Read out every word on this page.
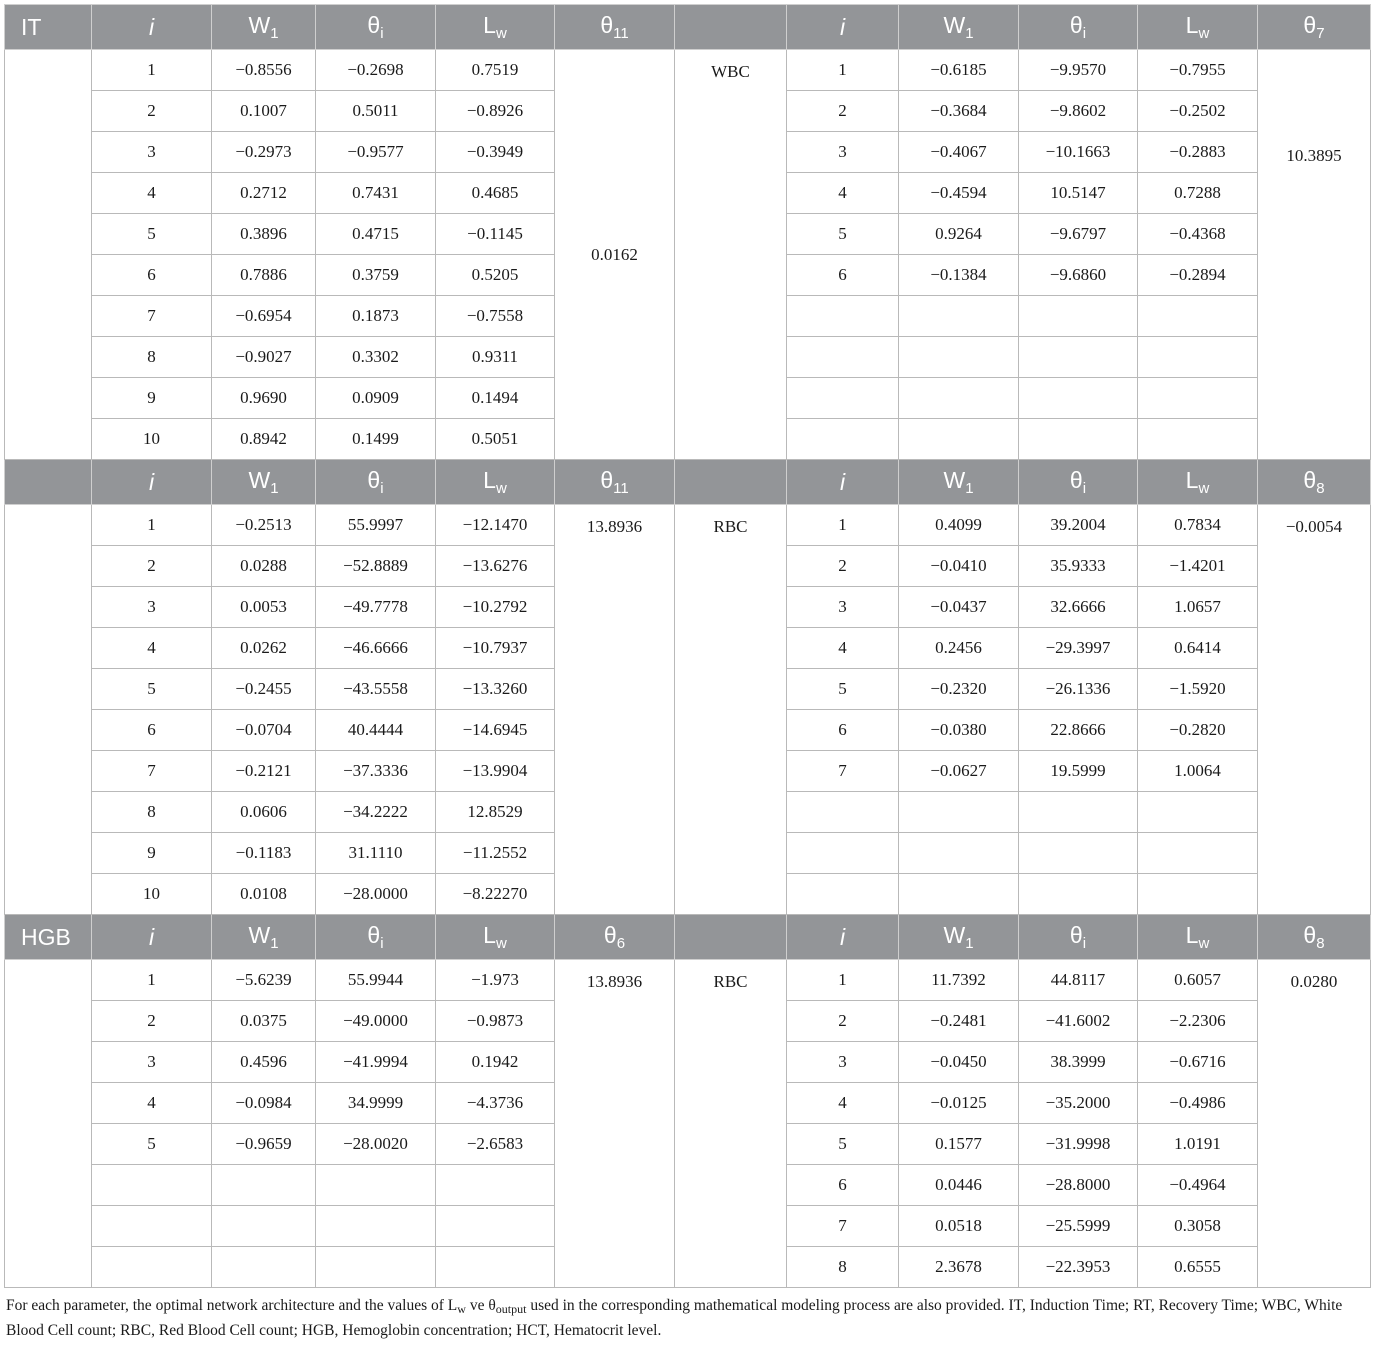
IT	i	$W_1$	$\theta_i$	$L_w$	$\theta_{11}$		i	$W_1$	$\theta_i$	$L_w$	$\theta_7$
	1	−0.8556	−0.2698	0.7519	0.0162	WBC	1	−0.6185	−9.9570	−0.7955	10.3895
	2	0.1007	0.5011	−0.8926			2	−0.3684	−9.8602	−0.2502	
	3	−0.2973	−0.9577	−0.3949			3	−0.4067	−10.1663	−0.2883	
	4	0.2712	0.7431	0.4685			4	−0.4594	10.5147	0.7288	
	5	0.3896	0.4715	−0.1145			5	0.9264	−9.6797	−0.4368	
	6	0.7886	0.3759	0.5205			6	−0.1384	−9.6860	−0.2894	
	7	−0.6954	0.1873	−0.7558							
	8	−0.9027	0.3302	0.9311							
	9	0.9690	0.0909	0.1494							
	10	0.8942	0.1499	0.5051							
	i	$W_1$	$\theta_i$	$L_w$	$\theta_{11}$		i	$W_1$	$\theta_i$	$L_w$	$\theta_8$
	1	−0.2513	55.9997	−12.1470	13.8936	RBC	1	0.4099	39.2004	0.7834	−0.0054
	2	0.0288	−52.8889	−13.6276			2	−0.0410	35.9333	−1.4201	
	3	0.0053	−49.7778	−10.2792			3	−0.0437	32.6666	1.0657	
	4	0.0262	−46.6666	−10.7937			4	0.2456	−29.3997	0.6414	
	5	−0.2455	−43.5558	−13.3260			5	−0.2320	−26.1336	−1.5920	
	6	−0.0704	40.4444	−14.6945			6	−0.0380	22.8666	−0.2820	
	7	−0.2121	−37.3336	−13.9904			7	−0.0627	19.5999	1.0064	
	8	0.0606	−34.2222	12.8529							
	9	−0.1183	31.1110	−11.2552							
	10	0.0108	−28.0000	−8.22270							
HGB	i	$W_1$	$\theta_i$	$L_w$	$\theta_6$		i	$W_1$	$\theta_i$	$L_w$	$\theta_8$
	1	−5.6239	55.9944	−1.973	13.8936	RBC	1	11.7392	44.8117	0.6057	0.0280
	2	0.0375	−49.0000	−0.9873			2	−0.2481	−41.6002	−2.2306	
	3	0.4596	−41.9994	0.1942			3	−0.0450	38.3999	−0.6716	
	4	−0.0984	34.9999	−4.3736			4	−0.0125	−35.2000	−0.4986	
	5	−0.9659	−28.0020	−2.6583			5	0.1577	−31.9998	1.0191	
							6	0.0446	−28.8000	−0.4964	
							7	0.0518	−25.5999	0.3058	
							8	2.3678	−22.3953	0.6555	
For each parameter, the optimal network architecture and the values of $L_w$ ve $\theta_{output}$ used in the corresponding mathematical modeling process are also provided. IT, Induction Time; RT, Recovery Time; WBC, White Blood Cell count; RBC, Red Blood Cell count; HGB, Hemoglobin concentration; HCT, Hematocrit level.
